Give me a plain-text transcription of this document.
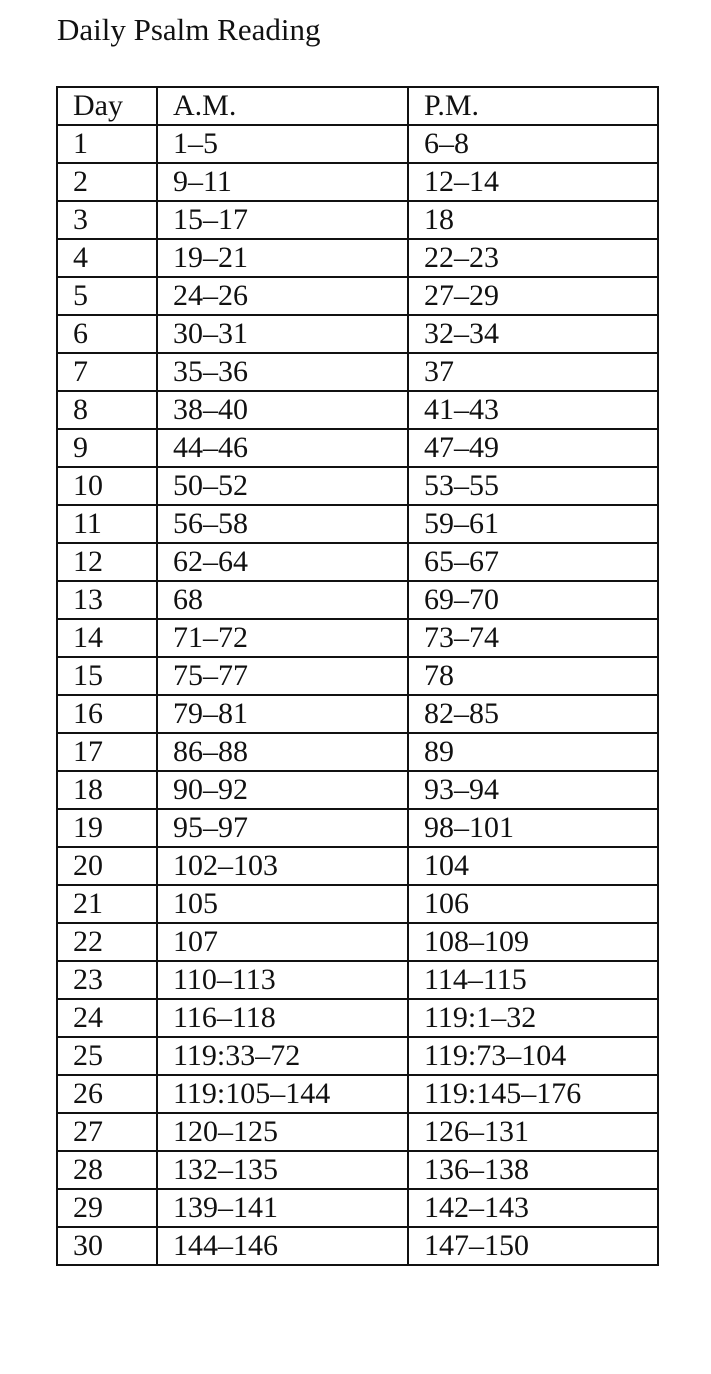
Daily Psalm Reading
Day	A.M.	P.M.
1	1–5	6–8
2	9–11	12–14
3	15–17	18
4	19–21	22–23
5	24–26	27–29
6	30–31	32–34
7	35–36	37
8	38–40	41–43
9	44–46	47–49
10	50–52	53–55
11	56–58	59–61
12	62–64	65–67
13	68	69–70
14	71–72	73–74
15	75–77	78
16	79–81	82–85
17	86–88	89
18	90–92	93–94
19	95–97	98–101
20	102–103	104
21	105	106
22	107	108–109
23	110–113	114–115
24	116–118	119:1–32
25	119:33–72	119:73–104
26	119:105–144	119:145–176
27	120–125	126–131
28	132–135	136–138
29	139–141	142–143
30	144–146	147–150
